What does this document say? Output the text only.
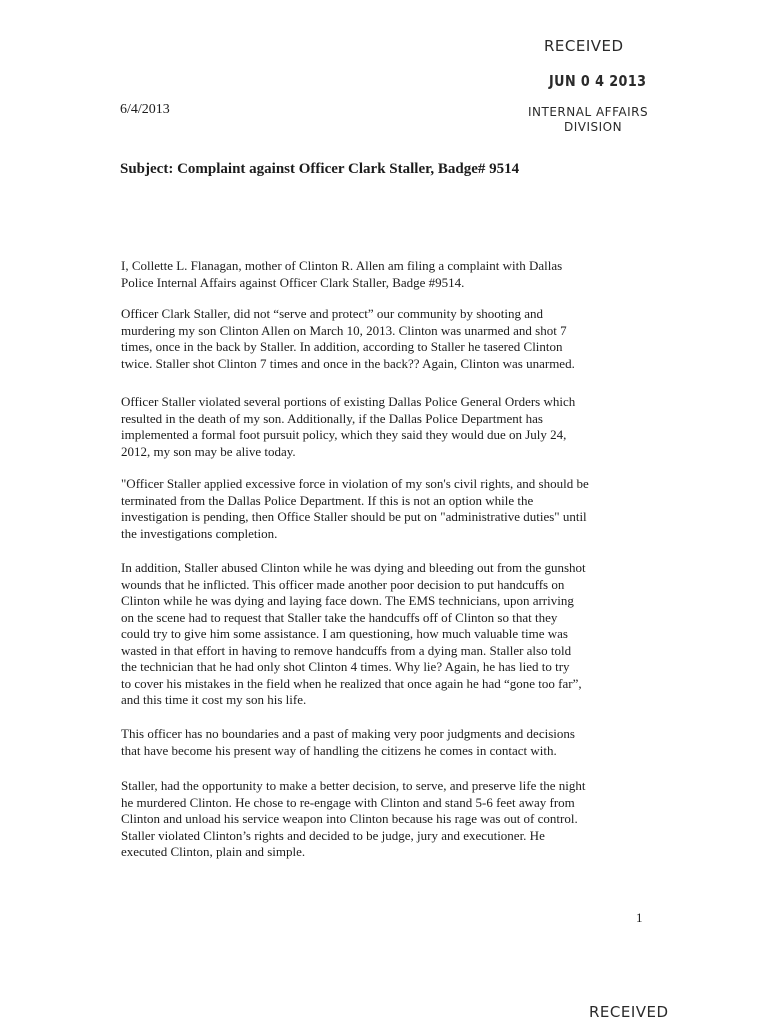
RECEIVED
JUN 0 4 2013
INTERNAL AFFAIRS
DIVISION
6/4/2013
Subject: Complaint against Officer Clark Staller, Badge# 9514
I, Collette L. Flanagan, mother of Clinton R. Allen am filing a complaint with Dallas
Police Internal Affairs against Officer Clark Staller, Badge #9514.
Officer Clark Staller, did not “serve and protect” our community by shooting and
murdering my son Clinton Allen on March 10, 2013. Clinton was unarmed and shot 7
times, once in the back by Staller. In addition, according to Staller he tasered Clinton
twice. Staller shot Clinton 7 times and once in the back?? Again, Clinton was unarmed.
Officer Staller violated several portions of existing Dallas Police General Orders which
resulted in the death of my son. Additionally, if the Dallas Police Department has
implemented a formal foot pursuit policy, which they said they would due on July 24,
2012, my son may be alive today.
"Officer Staller applied excessive force in violation of my son's civil rights, and should be
terminated from the Dallas Police Department. If this is not an option while the
investigation is pending, then Office Staller should be put on "administrative duties" until
the investigations completion.
In addition, Staller abused Clinton while he was dying and bleeding out from the gunshot
wounds that he inflicted. This officer made another poor decision to put handcuffs on
Clinton while he was dying and laying face down. The EMS technicians, upon arriving
on the scene had to request that Staller take the handcuffs off of Clinton so that they
could try to give him some assistance. I am questioning, how much valuable time was
wasted in that effort in having to remove handcuffs from a dying man. Staller also told
the technician that he had only shot Clinton 4 times. Why lie? Again, he has lied to try
to cover his mistakes in the field when he realized that once again he had “gone too far”,
and this time it cost my son his life.
This officer has no boundaries and a past of making very poor judgments and decisions
that have become his present way of handling the citizens he comes in contact with.
Staller, had the opportunity to make a better decision, to serve, and preserve life the night
he murdered Clinton. He chose to re-engage with Clinton and stand 5-6 feet away from
Clinton and unload his service weapon into Clinton because his rage was out of control.
Staller violated Clinton’s rights and decided to be judge, jury and executioner. He
executed Clinton, plain and simple.
1
RECEIVED
